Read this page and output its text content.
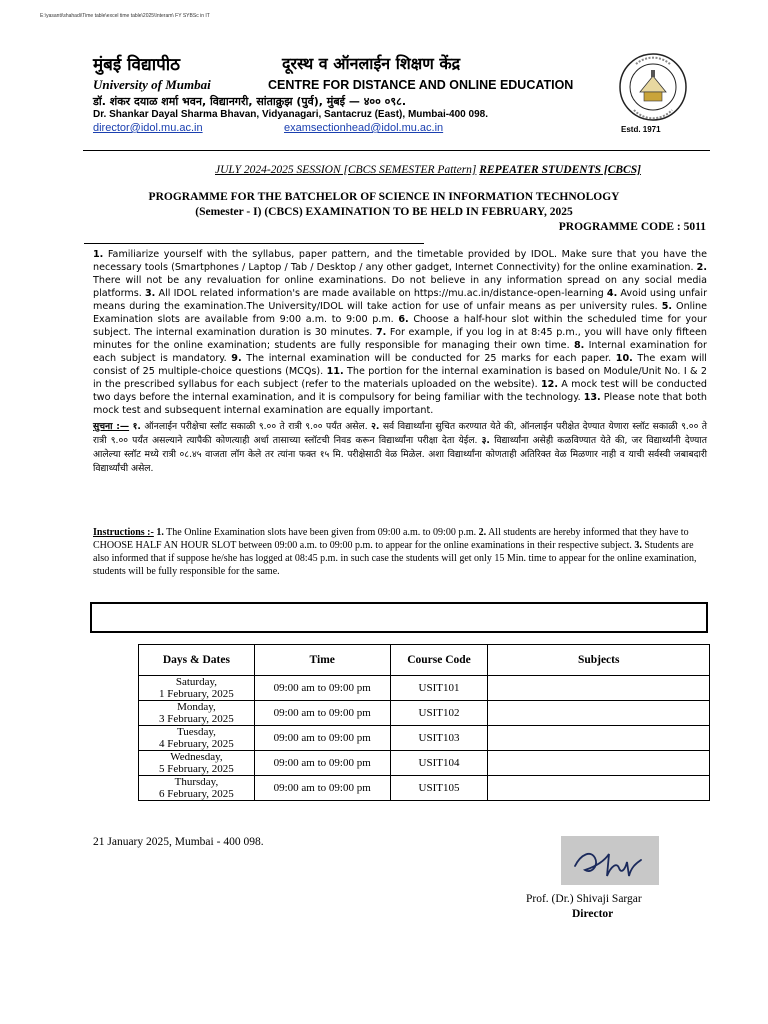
E:\yasanti\shahadi\Time table\excel time table\2025\Interam\ FY SYBSc in IT
मुंबई विद्यापीठ	दूरस्थ व ऑनलाईन शिक्षण केंद्र
University of Mumbai	CENTRE FOR DISTANCE AND ONLINE EDUCATION
डॉ. शंकर दयाळ शर्मा भवन, विद्यानगरी, सांताक्रुझ (पुर्व), मुंबई — ४०० ०९८.
Dr. Shankar Dayal Sharma Bhavan, Vidyanagari, Santacruz (East), Mumbai-400 098.
director@idol.mu.ac.in	examsectionhead@idol.mu.ac.in	Estd. 1971
JULY 2024-2025 SESSION [CBCS SEMESTER Pattern] REPEATER STUDENTS [CBCS]
PROGRAMME FOR THE BATCHELOR OF SCIENCE IN INFORMATION TECHNOLOGY
(Semester - I) (CBCS) EXAMINATION TO BE HELD IN FEBRUARY, 2025
PROGRAMME CODE : 5011
1. Familiarize yourself with the syllabus, paper pattern, and the timetable provided by IDOL. Make sure that you have the necessary tools (Smartphones / Laptop / Tab / Desktop / any other gadget, Internet Connectivity) for the online examination. 2. There will not be any revaluation for online examinations. Do not believe in any information spread on any social media platforms. 3. All IDOL related information's are made available on https://mu.ac.in/distance-open-learning 4. Avoid using unfair means during the examination.The University/IDOL will take action for use of unfair means as per university rules. 5. Online Examination slots are available from 9:00 a.m. to 9:00 p.m. 6. Choose a half-hour slot within the scheduled time for your subject. The internal examination duration is 30 minutes. 7. For example, if you log in at 8:45 p.m., you will have only fifteen minutes for the online examination; students are fully responsible for managing their own time. 8. Internal examination for each subject is mandatory. 9. The internal examination will be conducted for 25 marks for each paper. 10. The exam will consist of 25 multiple-choice questions (MCQs). 11. The portion for the internal examination is based on Module/Unit No. I & 2 in the prescribed syllabus for each subject (refer to the materials uploaded on the website). 12. A mock test will be conducted two days before the internal examination, and it is compulsory for being familiar with the technology. 13. Please note that both mock test and subsequent internal examination are equally important.
सुचना :— १. ऑनलाईन परीक्षेचा स्लॉट सकाळी ९.०० ते रात्री ९.०० पर्यंत असेल. २. सर्व विद्यार्थ्यांना सुचित करण्यात येते की, ऑनलाईन परीक्षेत देण्यात येणारा स्लॉट सकाळी ९.०० ते रात्री ९.०० पर्यंत असल्याने त्यापैकी कोणत्याही अर्धा तासाच्या स्लॉटची निवड करून विद्यार्थ्यांना परीक्षा देता येईल. ३. विद्यार्थ्यांना असेही कळविण्यात येते की, जर विद्यार्थ्यांनी देण्यात आलेल्या स्लॉट मध्ये रात्री ०८.४५ वाजता लॉग केले तर त्यांना फक्त १५ मि. परीक्षेसाठी वेळ मिळेल. अशा विद्यार्थ्यांना कोणताही अतिरिक्त वेळ मिळणार नाही व याची सर्वस्वी जबाबदारी विद्यार्थ्यांची असेल.
Instructions :- 1. The Online Examination slots have been given from 09:00 a.m. to 09:00 p.m. 2. All students are hereby informed that they have to CHOOSE HALF AN HOUR SLOT between 09:00 a.m. to 09:00 p.m. to appear for the online examinations in their respective subject. 3. Students are also informed that if suppose he/she has logged at 08:45 p.m. in such case the students will get only 15 Min. time to appear for the online examination, students will be fully responsible for the same.
Days & Dates	Time	Course Code	Subjects
Saturday,
1 February, 2025	09:00 am to 09:00 pm	USIT101	
Monday,
3 February, 2025	09:00 am to 09:00 pm	USIT102	
Tuesday,
4 February, 2025	09:00 am to 09:00 pm	USIT103	
Wednesday,
5 February, 2025	09:00 am to 09:00 pm	USIT104	
Thursday,
6 February, 2025	09:00 am to 09:00 pm	USIT105	
21 January 2025, Mumbai - 400 098.
Prof. (Dr.) Shivaji Sargar
Director
